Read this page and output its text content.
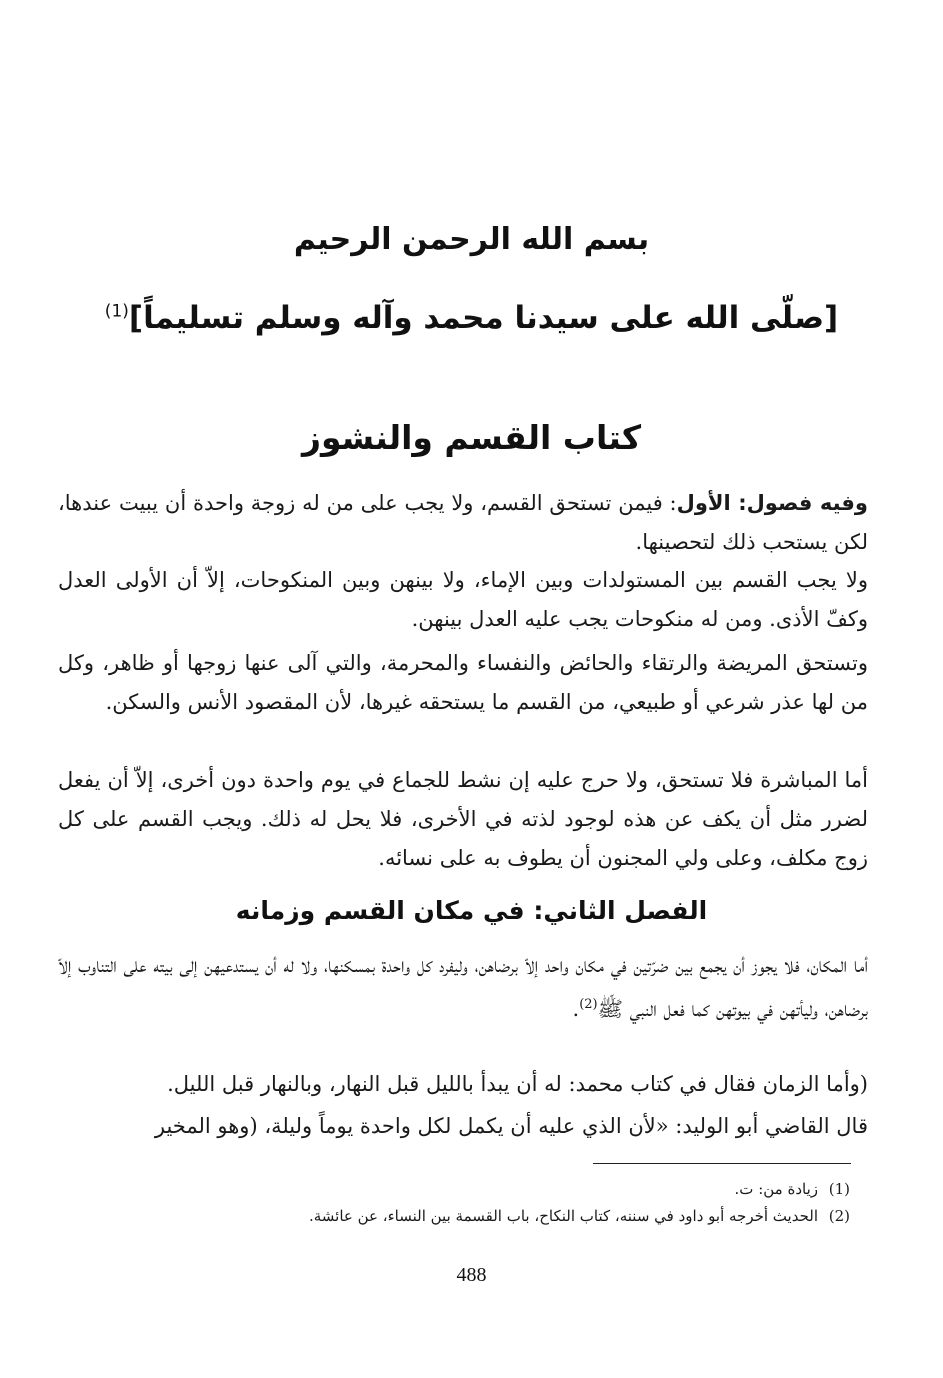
بسم الله الرحمن الرحيم
[صلّى الله على سيدنا محمد وآله وسلم تسليماً]$^{(1)}$
كتاب القسم والنشوز

وفيه فصول: الأول: فيمن تستحق القسم، ولا يجب على من له زوجة واحدة أن يبيت عندها، لكن يستحب ذلك لتحصينها.

ولا يجب القسم بين المستولدات وبين الإماء، ولا بينهن وبين المنكوحات، إلاّ أن الأولى العدل وكفّ الأذى. ومن له منكوحات يجب عليه العدل بينهن.

وتستحق المريضة والرتقاء والحائض والنفساء والمحرمة، والتي آلى عنها زوجها أو ظاهر، وكل من لها عذر شرعي أو طبيعي، من القسم ما يستحقه غيرها، لأن المقصود الأنس والسكن.

أما المباشرة فلا تستحق، ولا حرج عليه إن نشط للجماع في يوم واحدة دون أخرى، إلاّ أن يفعل لضرر مثل أن يكف عن هذه لوجود لذته في الأخرى، فلا يحل له ذلك. ويجب القسم على كل زوج مكلف، وعلى ولي المجنون أن يطوف به على نسائه.

الفصل الثاني: في مكان القسم وزمانه

أما المكان، فلا يجوز أن يجمع بين ضرّتين في مكان واحد إلاّ برضاهن، وليفرد كل واحدة بمسكنها، ولا له أن يستدعيهن إلى بيته على التناوب إلاّ برضاهن، وليأتهن في بيوتهن كما فعل النبي ﷺ$^{(2)}$.

(وأما الزمان فقال في كتاب محمد: له أن يبدأ بالليل قبل النهار، وبالنهار قبل الليل.

قال القاضي أبو الوليد: «لأن الذي عليه أن يكمل لكل واحدة يوماً وليلة، (وهو المخير

(1)زيادة من: ت.
(2)الحديث أخرجه أبو داود في سننه، كتاب النكاح، باب القسمة بين النساء، عن عائشة.
488
